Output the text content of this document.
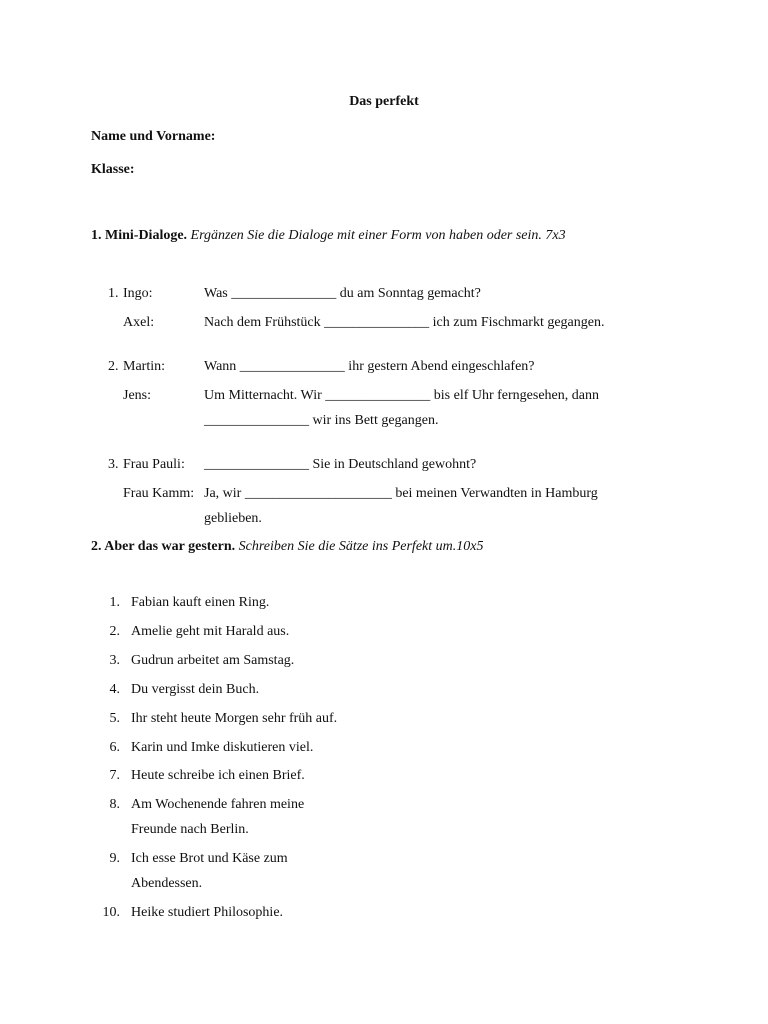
Das perfekt
Name und Vorname:
Klasse:
1. Mini-Dialoge. Ergänzen Sie die Dialoge mit einer Form von haben oder sein. 7x3
1. Ingo:	Was _______________ du am Sonntag gemacht?
Axel:	Nach dem Frühstück _______________ ich zum Fischmarkt gegangen.
2. Martin:	Wann _______________ ihr gestern Abend eingeschlafen?
Jens:	Um Mitternacht. Wir _______________ bis elf Uhr ferngesehen, dann
_______________ wir ins Bett gegangen.
3. Frau Pauli: _______________ Sie in Deutschland gewohnt?
Frau Kamm: Ja, wir _____________________ bei meinen Verwandten in Hamburg
geblieben.
2. Aber das war gestern. Schreiben Sie die Sätze ins Perfekt um.10x5
1. Fabian kauft einen Ring.
2. Amelie geht mit Harald aus.
3. Gudrun arbeitet am Samstag.
4. Du vergisst dein Buch.
5. Ihr steht heute Morgen sehr früh auf.
6. Karin und Imke diskutieren viel.
7. Heute schreibe ich einen Brief.
8. Am Wochenende fahren meine
Freunde nach Berlin.
9. Ich esse Brot und Käse zum
Abendessen.
10. Heike studiert Philosophie.
